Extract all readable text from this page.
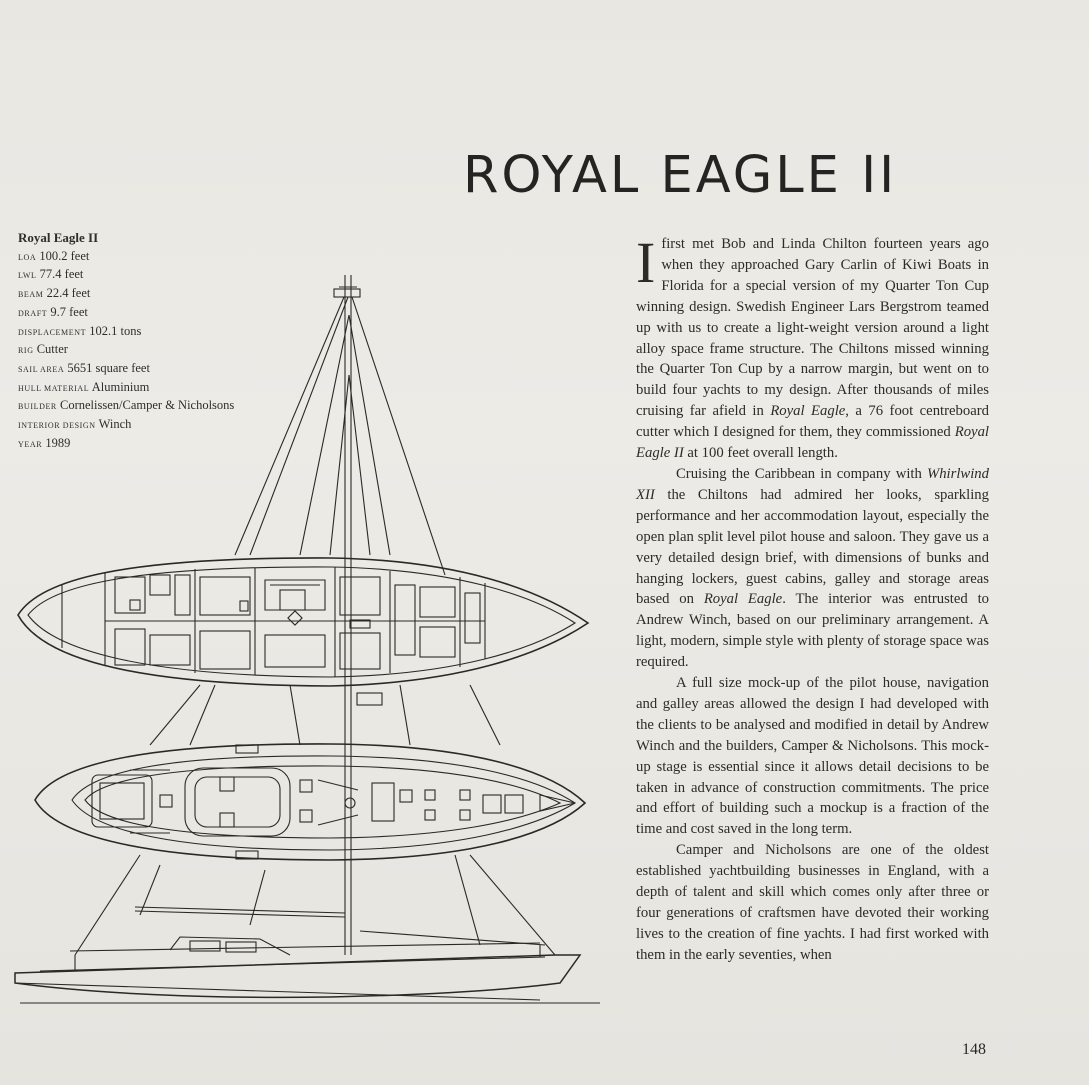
ROYAL EAGLE II
Royal Eagle II
LOA 100.2 feet
LWL 77.4 feet
BEAM 22.4 feet
DRAFT 9.7 feet
DISPLACEMENT 102.1 tons
RIG Cutter
SAIL AREA 5651 square feet
HULL MATERIAL Aluminium
BUILDER Cornelissen/Camper & Nicholsons
INTERIOR DESIGN Winch
YEAR 1989

Ifirst met Bob and Linda Chilton fourteen years ago when they approached Gary Carlin of Kiwi Boats in Florida for a special version of my Quarter Ton Cup winning design. Swedish Engineer Lars Bergstrom teamed up with us to create a light-weight version around a light alloy space frame structure. The Chiltons missed winning the Quarter Ton Cup by a narrow margin, but went on to build four yachts to my design. After thousands of miles cruising far afield in Royal Eagle, a 76 foot centreboard cutter which I designed for them, they commissioned Royal Eagle II at 100 feet overall length.

Cruising the Caribbean in company with Whirlwind XII the Chiltons had admired her looks, sparkling performance and her accommodation layout, especially the open plan split level pilot house and saloon. They gave us a very detailed design brief, with dimensions of bunks and hanging lockers, guest cabins, galley and storage areas based on Royal Eagle. The interior was entrusted to Andrew Winch, based on our preliminary arrangement. A light, modern, simple style with plenty of storage space was required.

A full size mock-up of the pilot house, navigation and galley areas allowed the design I had developed with the clients to be analysed and modified in detail by Andrew Winch and the builders, Camper & Nicholsons. This mock-up stage is essential since it allows detail decisions to be taken in advance of construction commitments. The price and effort of building such a mockup is a fraction of the time and cost saved in the long term.

Camper and Nicholsons are one of the oldest established yachtbuilding businesses in England, with a depth of talent and skill which comes only after three or four generations of craftsmen have devoted their working lives to the creation of fine yachts. I had first worked with them in the early seventies, when

148
